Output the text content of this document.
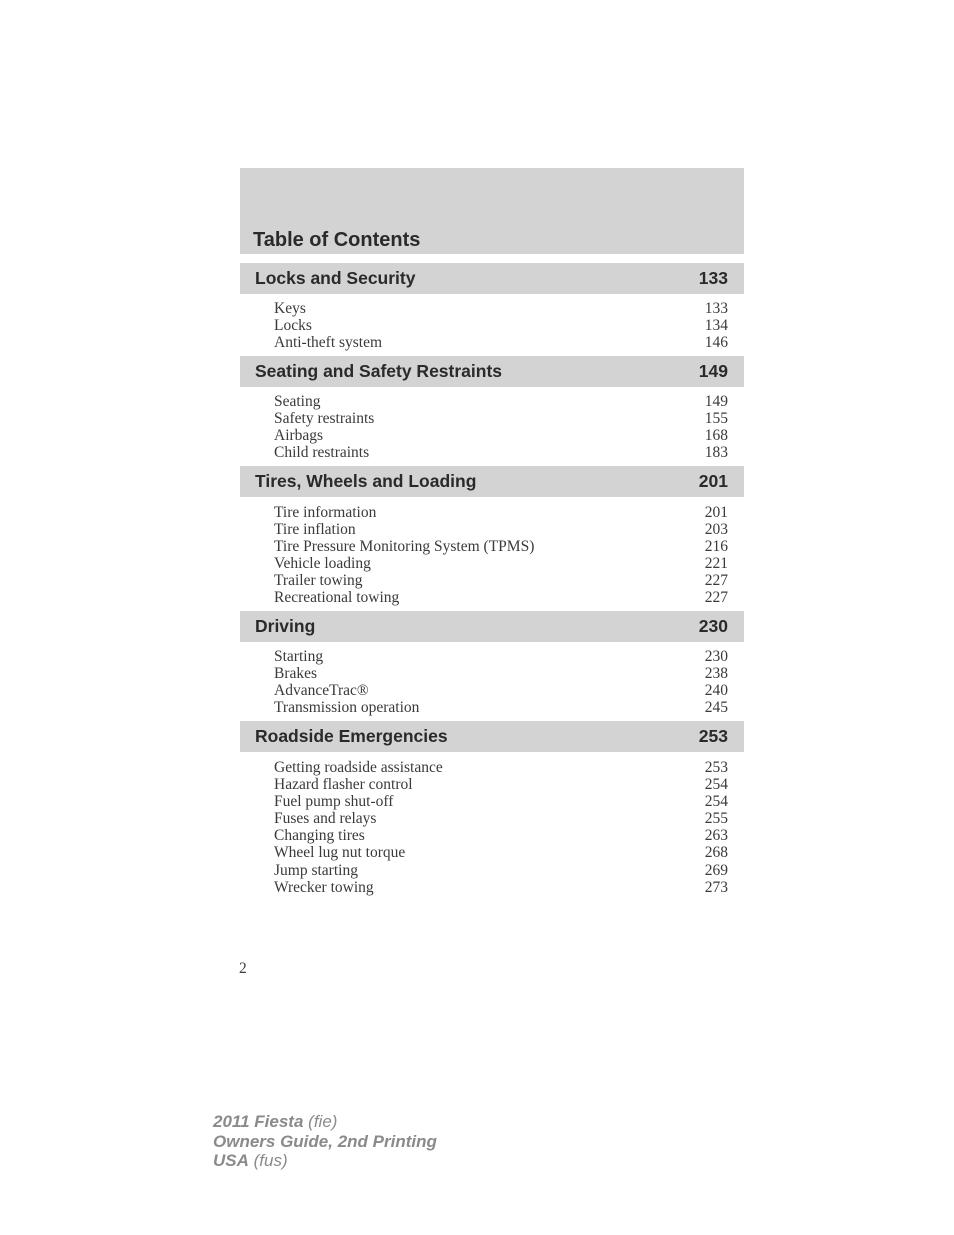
Table of Contents
Locks and Security	133
Keys	133
Locks	134
Anti-theft system	146
Seating and Safety Restraints	149
Seating	149
Safety restraints	155
Airbags	168
Child restraints	183
Tires, Wheels and Loading	201
Tire information	201
Tire inflation	203
Tire Pressure Monitoring System (TPMS)	216
Vehicle loading	221
Trailer towing	227
Recreational towing	227
Driving	230
Starting	230
Brakes	238
AdvanceTrac®	240
Transmission operation	245
Roadside Emergencies	253
Getting roadside assistance	253
Hazard flasher control	254
Fuel pump shut-off	254
Fuses and relays	255
Changing tires	263
Wheel lug nut torque	268
Jump starting	269
Wrecker towing	273
2
2011 Fiesta (fie)
Owners Guide, 2nd Printing
USA (fus)
